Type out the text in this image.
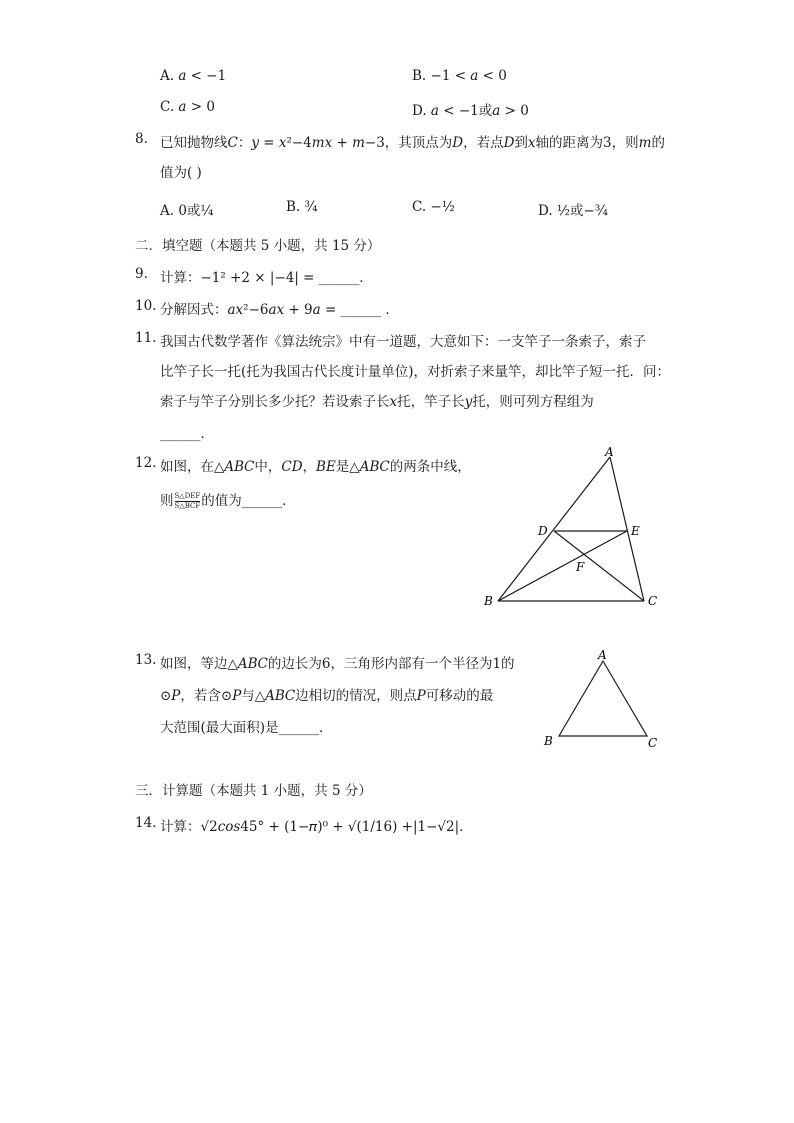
A. 𝑎 < −1	B. −1 < 𝑎 < 0
C. 𝑎 > 0	D. 𝑎 < −1或𝑎 > 0
8. 已知抛物线𝐶：𝑦 = 𝑥²−4𝑚𝑥 + 𝑚−3，其顶点为𝐷，若点𝐷到𝑥轴的距离为3，则𝑚的
值为( )
A. 0或¼	B. ¾	C. −½	D. ½或−¾
二．填空题（本题共 5 小题，共 15 分）
9. 计算：−1² +2 × |−4| = ______．
10. 分解因式：𝑎𝑥²−6𝑎𝑥 + 9𝑎 = ______ ．
11. 我国古代数学著作《算法统宗》中有一道题，大意如下：一支竿子一条索子，索子
比竿子长一托(托为我国古代长度计量单位)，对折索子来量竿，却比竿子短一托．问：
索子与竿子分别长多少托？若设索子长𝑥托，竿子长𝑦托，则可列方程组为
______．
12. 如图，在△𝐴𝐵𝐶中，𝐶𝐷，𝐵𝐸是△𝐴𝐵𝐶的两条中线，
则 S△DEF
S△BCF 的值为______．
A
B	C
D	E
F
13. 如图，等边△𝐴𝐵𝐶的边长为6，三角形内部有一个半径为1的
⊙𝑃，若含⊙𝑃与△𝐴𝐵𝐶边相切的情况，则点𝑃可移动的最
大范围(最大面积)是______．
A
B	C
三．计算题（本题共 1 小题，共 5 分）
14. 计算：√2𝑐𝑜𝑠45° + (1−𝜋)⁰ + √(1/16) +|1−√2|．
